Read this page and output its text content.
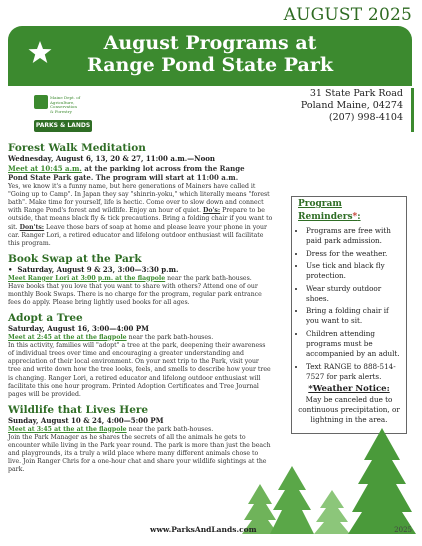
AUGUST 2025
August Programs at
Range Pond State Park
Maine Dept. of
Agriculture,
Conservation
& Forestry
PARKS & LANDS
31 State Park Road
Poland Maine, 04274
(207) 998-4104
Forest Walk Meditation
Wednesday, August 6, 13, 20 & 27, 11:00 a.m.—Noon
Meet at 10:45 a.m. at the parking lot across from the Range
Pond State Park gate. The program will start at 11:00 a.m.

Yes, we know it's a funny name, but here generations of Mainers have called it "Going up to Camp". In Japan they say "shinrin-yoku," which literally means "forest bath". Make time for yourself, life is hectic. Come over to slow down and connect with Range Pond's forest and wildlife. Enjoy an hour of quiet. Do's: Prepare to be outside, that means black fly & tick precautions. Bring a folding chair if you want to sit. Don'ts: Leave those bars of soap at home and please leave your phone in your car. Ranger Lori, a retired educator and lifelong outdoor enthusiast will facilitate this program.

Book Swap at the Park
•  Saturday, August 9 & 23, 3:00—3:30 p.m.
Meet Ranger Lori at 3:00 p.m. at the flagpole near the park bath-houses.

Have books that you love that you want to share with others? Attend one of our monthly Book Swaps. There is no charge for the program, regular park entrance fees do apply. Please bring lightly used books for all ages.

Adopt a Tree
Saturday, August 16, 3:00—4:00 PM
Meet at 2:45 at the at the flagpole near the park bath-houses.

In this activity, families will "adopt" a tree at the park, deepening their awareness of individual trees over time and encouraging a greater understanding and appreciation of their local environment. On your next trip to the Park, visit your tree and write down how the tree looks, feels, and smells to describe how your tree is changing. Ranger Lori, a retired educator and lifelong outdoor enthusiast will facilitate this one hour program. Printed Adoption Certificates and Tree Journal pages will be provided.

Wildlife that Lives Here
Sunday, August 10 & 24, 4:00—5:00 PM
Meet at 3:45 at the at the flagpole near the park bath-houses.

Join the Park Manager as he shares the secrets of all the animals he gets to encounter while living in the Park year round. The park is more than just the beach and playgrounds, its a truly a wild place where many different animals chose to live. Join Ranger Chris for a one-hour chat and share your wildlife sightings at the park.

Program Reminders*:
• Programs are free with paid park admission.
• Dress for the weather.
• Use tick and black fly protection.
• Wear sturdy outdoor shoes.
• Bring a folding chair if you want to sit.
• Children attending programs must be accompanied by an adult.
• Text RANGE to 888-514-7527 for park alerts.
*Weather Notice:
May be canceled due to continuous precipitation, or lightning in the area.
www.ParksAndLands.com	2025
